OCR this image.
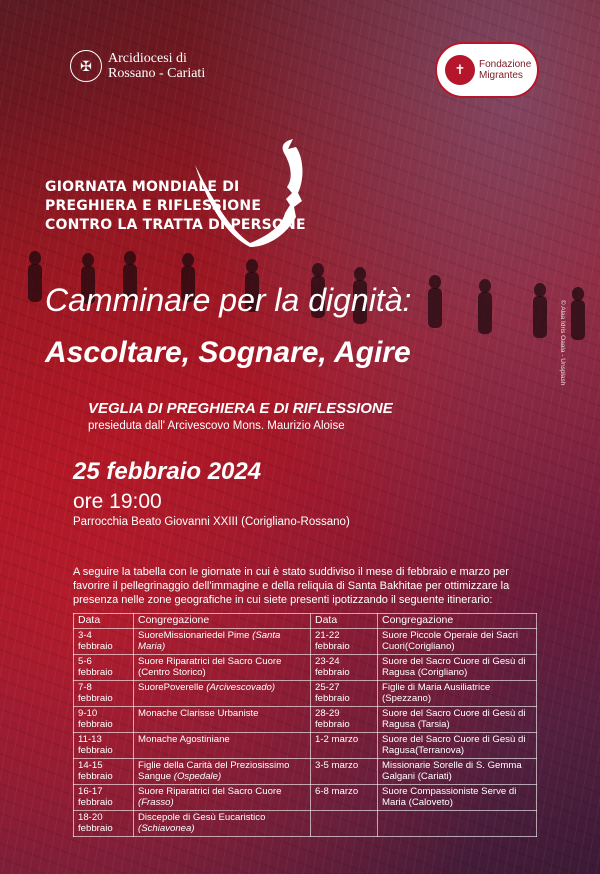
✠	Arcidiocesi di
Rossano - Cariati	✝	Fondazione
Migrantes
GIORNATA MONDIALE DI
PREGHIERA E RIFLESSIONE
CONTRO LA TRATTA DI PERSONE
Camminare per la dignità:
Ascoltare, Sognare, Agire
VEGLIA DI PREGHIERA E DI RIFLESSIONE
presieduta dall' Arcivescovo Mons. Maurizio Aloise
25 febbraio 2024
ore 19:00
Parrocchia Beato Giovanni XXIII (Corigliano-Rossano)
A seguire la tabella con le giornate in cui è stato suddiviso il mese di febbraio e marzo per favorire il pellegrinaggio dell'immagine e della reliquia di Santa Bakhitae per ottimizzare la presenza nelle zone geografiche in cui siete presenti ipotizzando il seguente itinerario:
© Alaa Idris Oaala - Unsplash
Data	Congregazione	Data	Congregazione
3-4 febbraio	SuoreMissionariedel Pime (Santa Maria)	21-22 febbraio	Suore Piccole Operaie dei Sacri Cuori(Corigliano)
5-6 febbraio	Suore Riparatrici del Sacro Cuore (Centro Storico)	23-24 febbraio	Suore del Sacro Cuore di Gesù di Ragusa (Corigliano)
7-8 febbraio	SuorePoverelle (Arcivescovado)	25-27 febbraio	Figlie di Maria Ausiliatrice (Spezzano)
9-10 febbraio	Monache Clarisse Urbaniste	28-29 febbraio	Suore del Sacro Cuore di Gesù di Ragusa (Tarsia)
11-13 febbraio	Monache Agostiniane	1-2 marzo	Suore del Sacro Cuore di Gesù di Ragusa(Terranova)
14-15 febbraio	Figlie della Carità del Preziosissimo Sangue (Ospedale)	3-5 marzo	Missionarie Sorelle di S. Gemma Galgani (Cariati)
16-17 febbraio	Suore Riparatrici del Sacro Cuore (Frasso)	6-8 marzo	Suore Compassioniste Serve di Maria (Caloveto)
18-20 febbraio	Discepole di Gesù Eucaristico (Schiavonea)		
